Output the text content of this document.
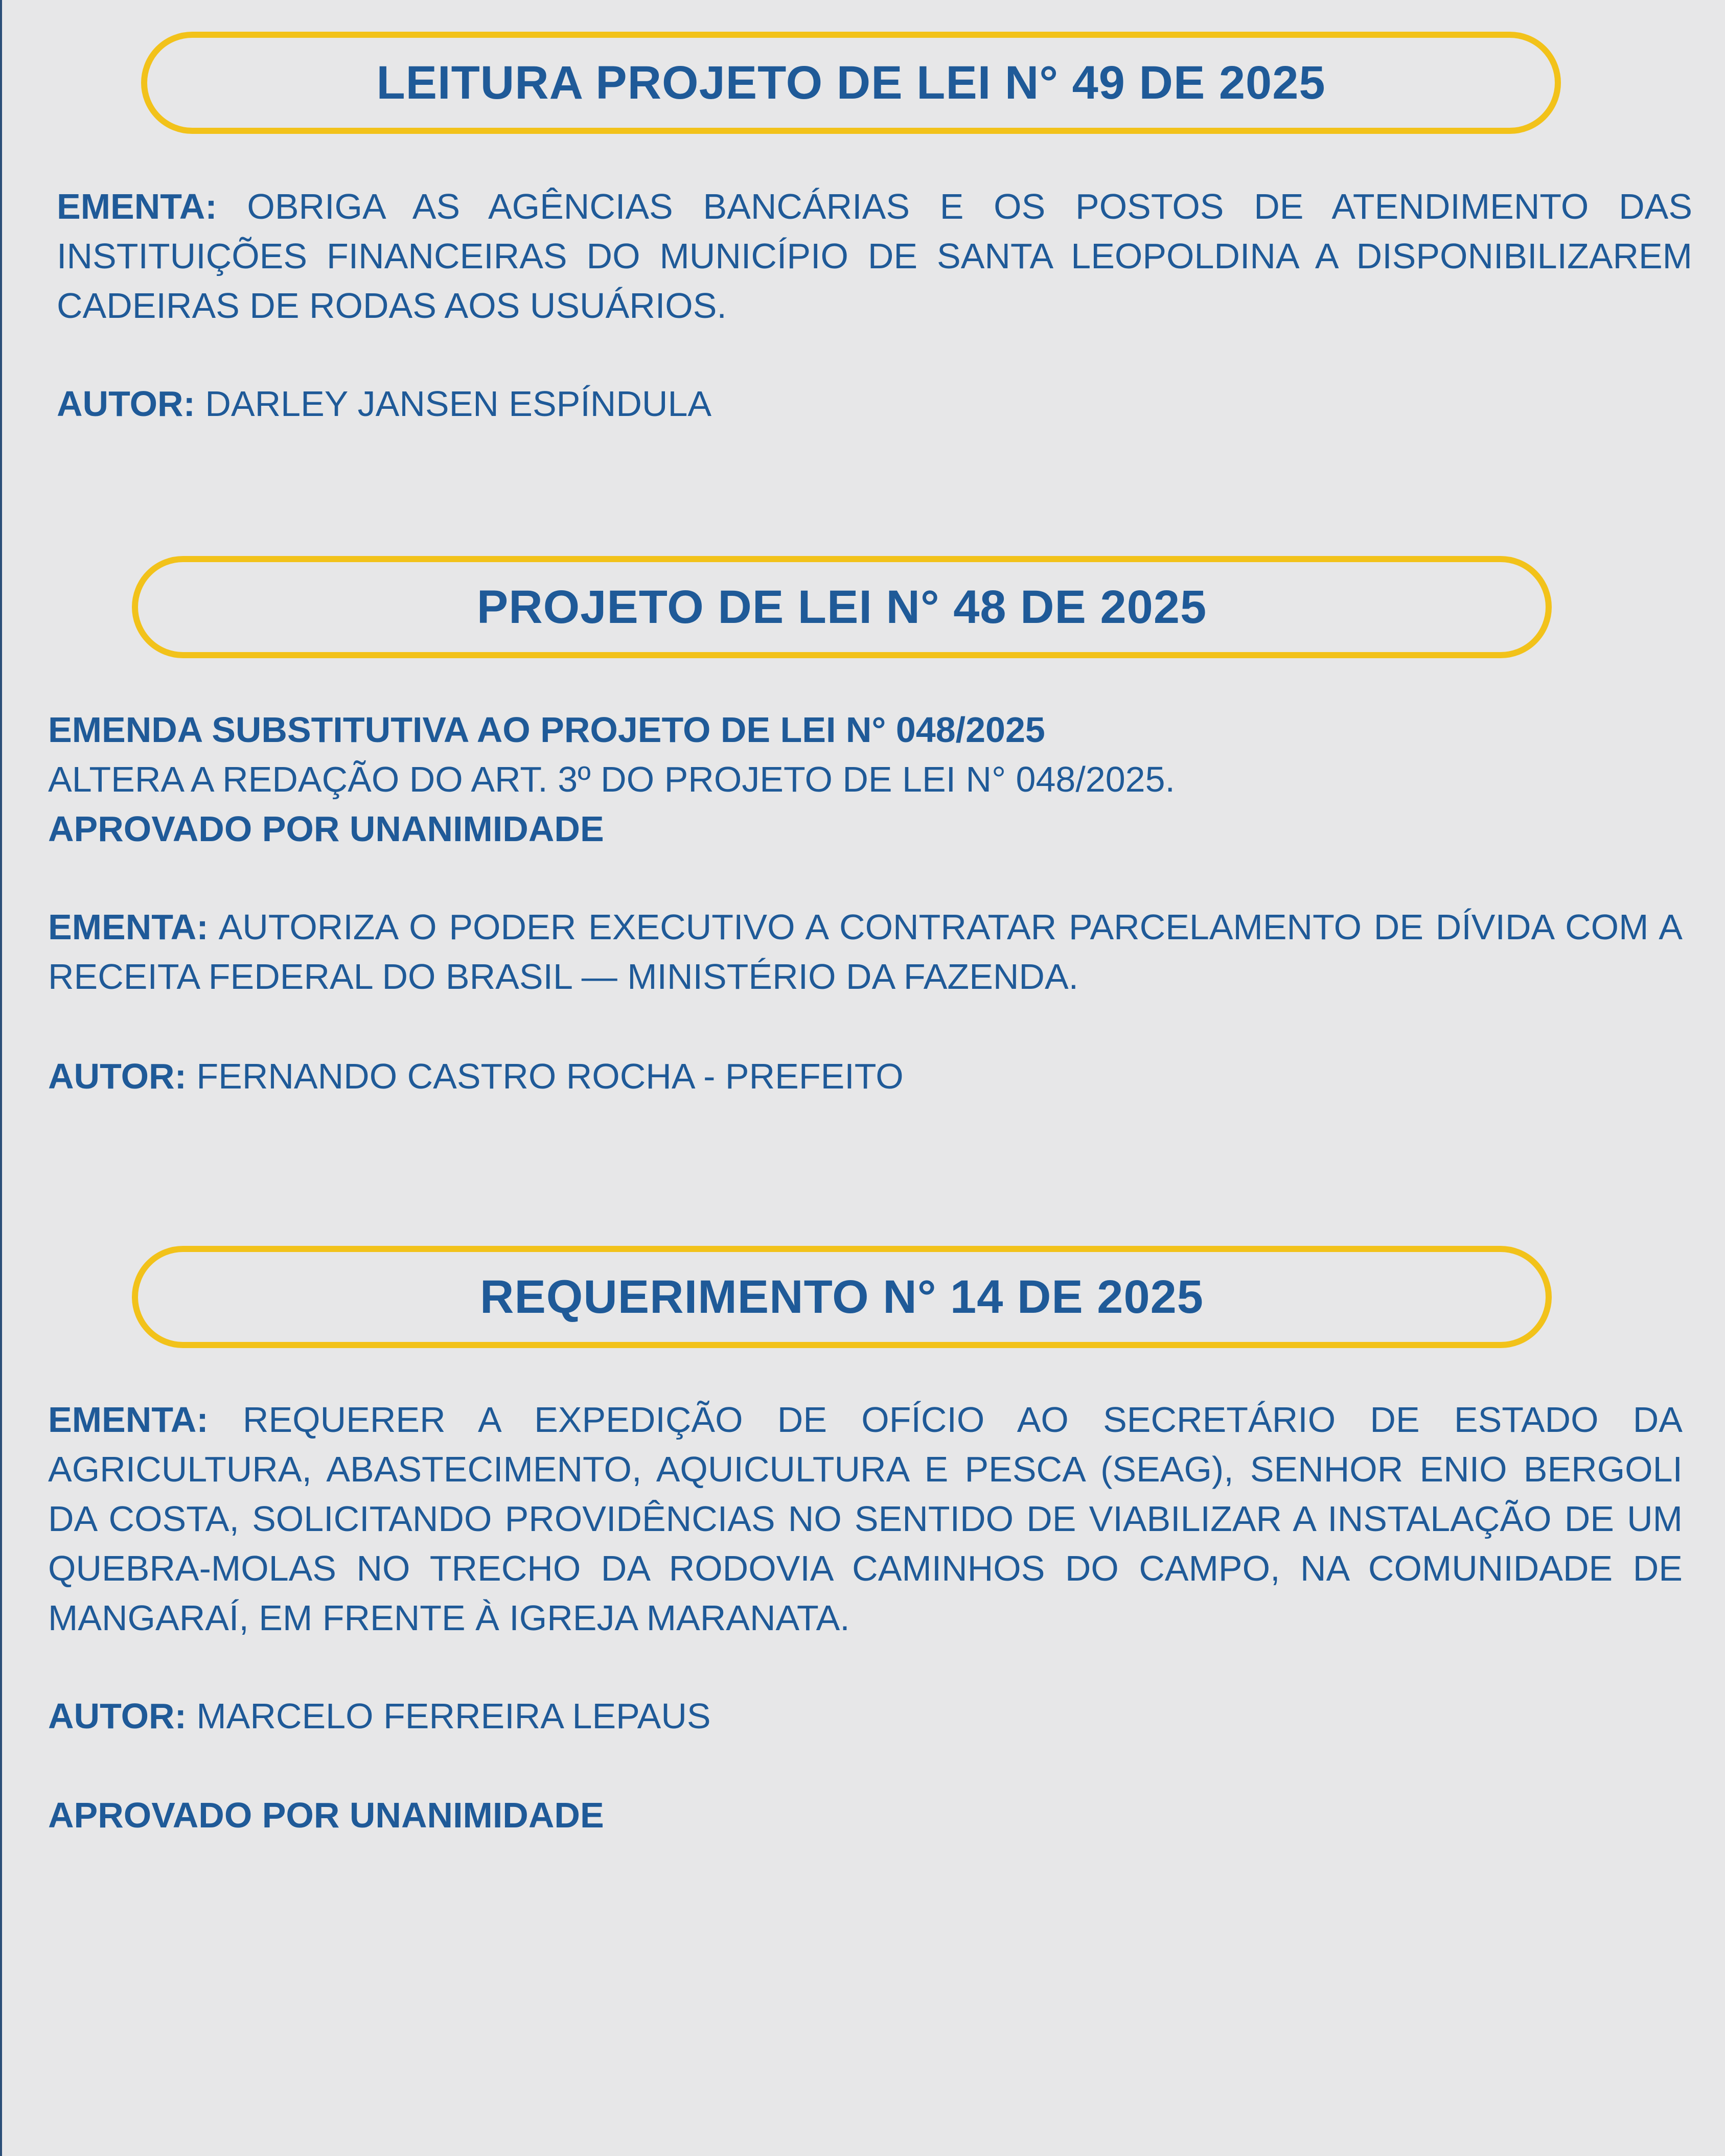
LEITURA PROJETO DE LEI N° 49 DE 2025
EMENTA: OBRIGA AS AGÊNCIAS BANCÁRIAS E OS POSTOS DE ATENDIMENTO DAS INSTITUIÇÕES FINANCEIRAS DO MUNICÍPIO DE SANTA LEOPOLDINA A DISPONIBILIZAREM CADEIRAS DE RODAS AOS USUÁRIOS.
AUTOR: DARLEY JANSEN ESPÍNDULA
PROJETO DE LEI N° 48 DE 2025
EMENDA SUBSTITUTIVA AO PROJETO DE LEI N° 048/2025
ALTERA A REDAÇÃO DO ART. 3º DO PROJETO DE LEI N° 048/2025.
APROVADO POR UNANIMIDADE
EMENTA: AUTORIZA O PODER EXECUTIVO A CONTRATAR PARCELAMENTO DE DÍVIDA COM A RECEITA FEDERAL DO BRASIL — MINISTÉRIO DA FAZENDA.
AUTOR: FERNANDO CASTRO ROCHA - PREFEITO
REQUERIMENTO N° 14 DE 2025
EMENTA: REQUERER A EXPEDIÇÃO DE OFÍCIO AO SECRETÁRIO DE ESTADO DA AGRICULTURA, ABASTECIMENTO, AQUICULTURA E PESCA (SEAG), SENHOR ENIO BERGOLI DA COSTA, SOLICITANDO PROVIDÊNCIAS NO SENTIDO DE VIABILIZAR A INSTALAÇÃO DE UM QUEBRA-MOLAS NO TRECHO DA RODOVIA CAMINHOS DO CAMPO, NA COMUNIDADE DE MANGARAÍ, EM FRENTE À IGREJA MARANATA.
AUTOR: MARCELO FERREIRA LEPAUS
APROVADO POR UNANIMIDADE
